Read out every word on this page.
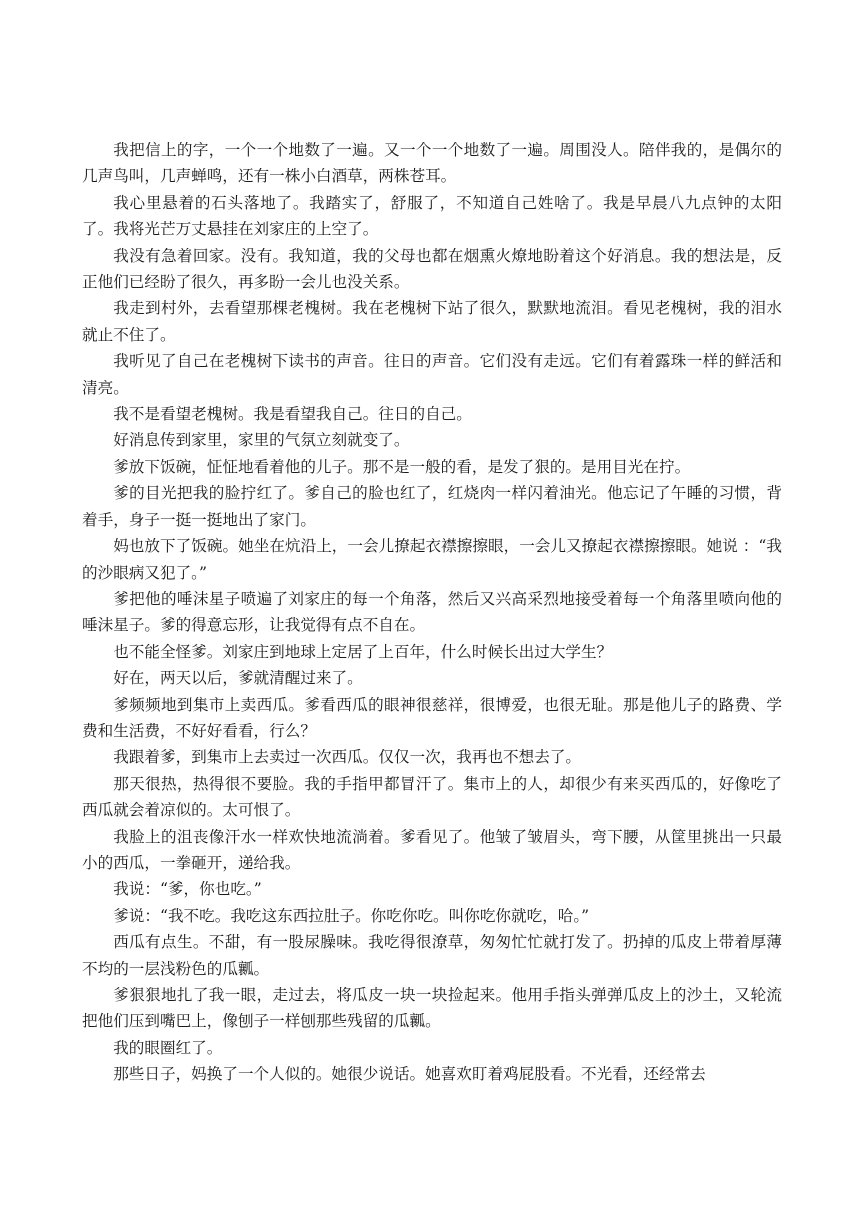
我把信上的字，一个一个地数了一遍。又一个一个地数了一遍。周围没人。陪伴我的，是偶尔的几声鸟叫，几声蝉鸣，还有一株小白酒草，两株苍耳。

我心里悬着的石头落地了。我踏实了，舒服了，不知道自己姓啥了。我是早晨八九点钟的太阳了。我将光芒万丈悬挂在刘家庄的上空了。

我没有急着回家。没有。我知道，我的父母也都在烟熏火燎地盼着这个好消息。我的想法是，反正他们已经盼了很久，再多盼一会儿也没关系。

我走到村外，去看望那棵老槐树。我在老槐树下站了很久，默默地流泪。看见老槐树，我的泪水就止不住了。

我听见了自己在老槐树下读书的声音。往日的声音。它们没有走远。它们有着露珠一样的鲜活和清亮。

我不是看望老槐树。我是看望我自己。往日的自己。

好消息传到家里，家里的气氛立刻就变了。

爹放下饭碗，怔怔地看着他的儿子。那不是一般的看，是发了狠的。是用目光在拧。

爹的目光把我的脸拧红了。爹自己的脸也红了，红烧肉一样闪着油光。他忘记了午睡的习惯，背着手，身子一挺一挺地出了家门。

妈也放下了饭碗。她坐在炕沿上，一会儿撩起衣襟擦擦眼，一会儿又撩起衣襟擦擦眼。她说 ：“我的沙眼病又犯了。”

爹把他的唾沫星子喷遍了刘家庄的每一个角落，然后又兴高采烈地接受着每一个角落里喷向他的唾沫星子。爹的得意忘形，让我觉得有点不自在。

也不能全怪爹。刘家庄到地球上定居了上百年，什么时候长出过大学生？

好在，两天以后，爹就清醒过来了。

爹频频地到集市上卖西瓜。爹看西瓜的眼神很慈祥，很博爱，也很无耻。那是他儿子的路费、学费和生活费，不好好看看，行么？

我跟着爹，到集市上去卖过一次西瓜。仅仅一次，我再也不想去了。

那天很热，热得很不要脸。我的手指甲都冒汗了。集市上的人，却很少有来买西瓜的，好像吃了西瓜就会着凉似的。太可恨了。

我脸上的沮丧像汗水一样欢快地流淌着。爹看见了。他皱了皱眉头，弯下腰，从筐里挑出一只最小的西瓜，一拳砸开，递给我。

我说：“爹，你也吃。”

爹说：“我不吃。我吃这东西拉肚子。你吃你吃。叫你吃你就吃，哈。”

西瓜有点生。不甜，有一股尿臊味。我吃得很潦草，匆匆忙忙就打发了。扔掉的瓜皮上带着厚薄不均的一层浅粉色的瓜瓤。

爹狠狠地扎了我一眼，走过去，将瓜皮一块一块捡起来。他用手指头弹弹瓜皮上的沙土，又轮流把他们压到嘴巴上，像刨子一样刨那些残留的瓜瓤。

我的眼圈红了。

那些日子，妈换了一个人似的。她很少说话。她喜欢盯着鸡屁股看。不光看，还经常去
